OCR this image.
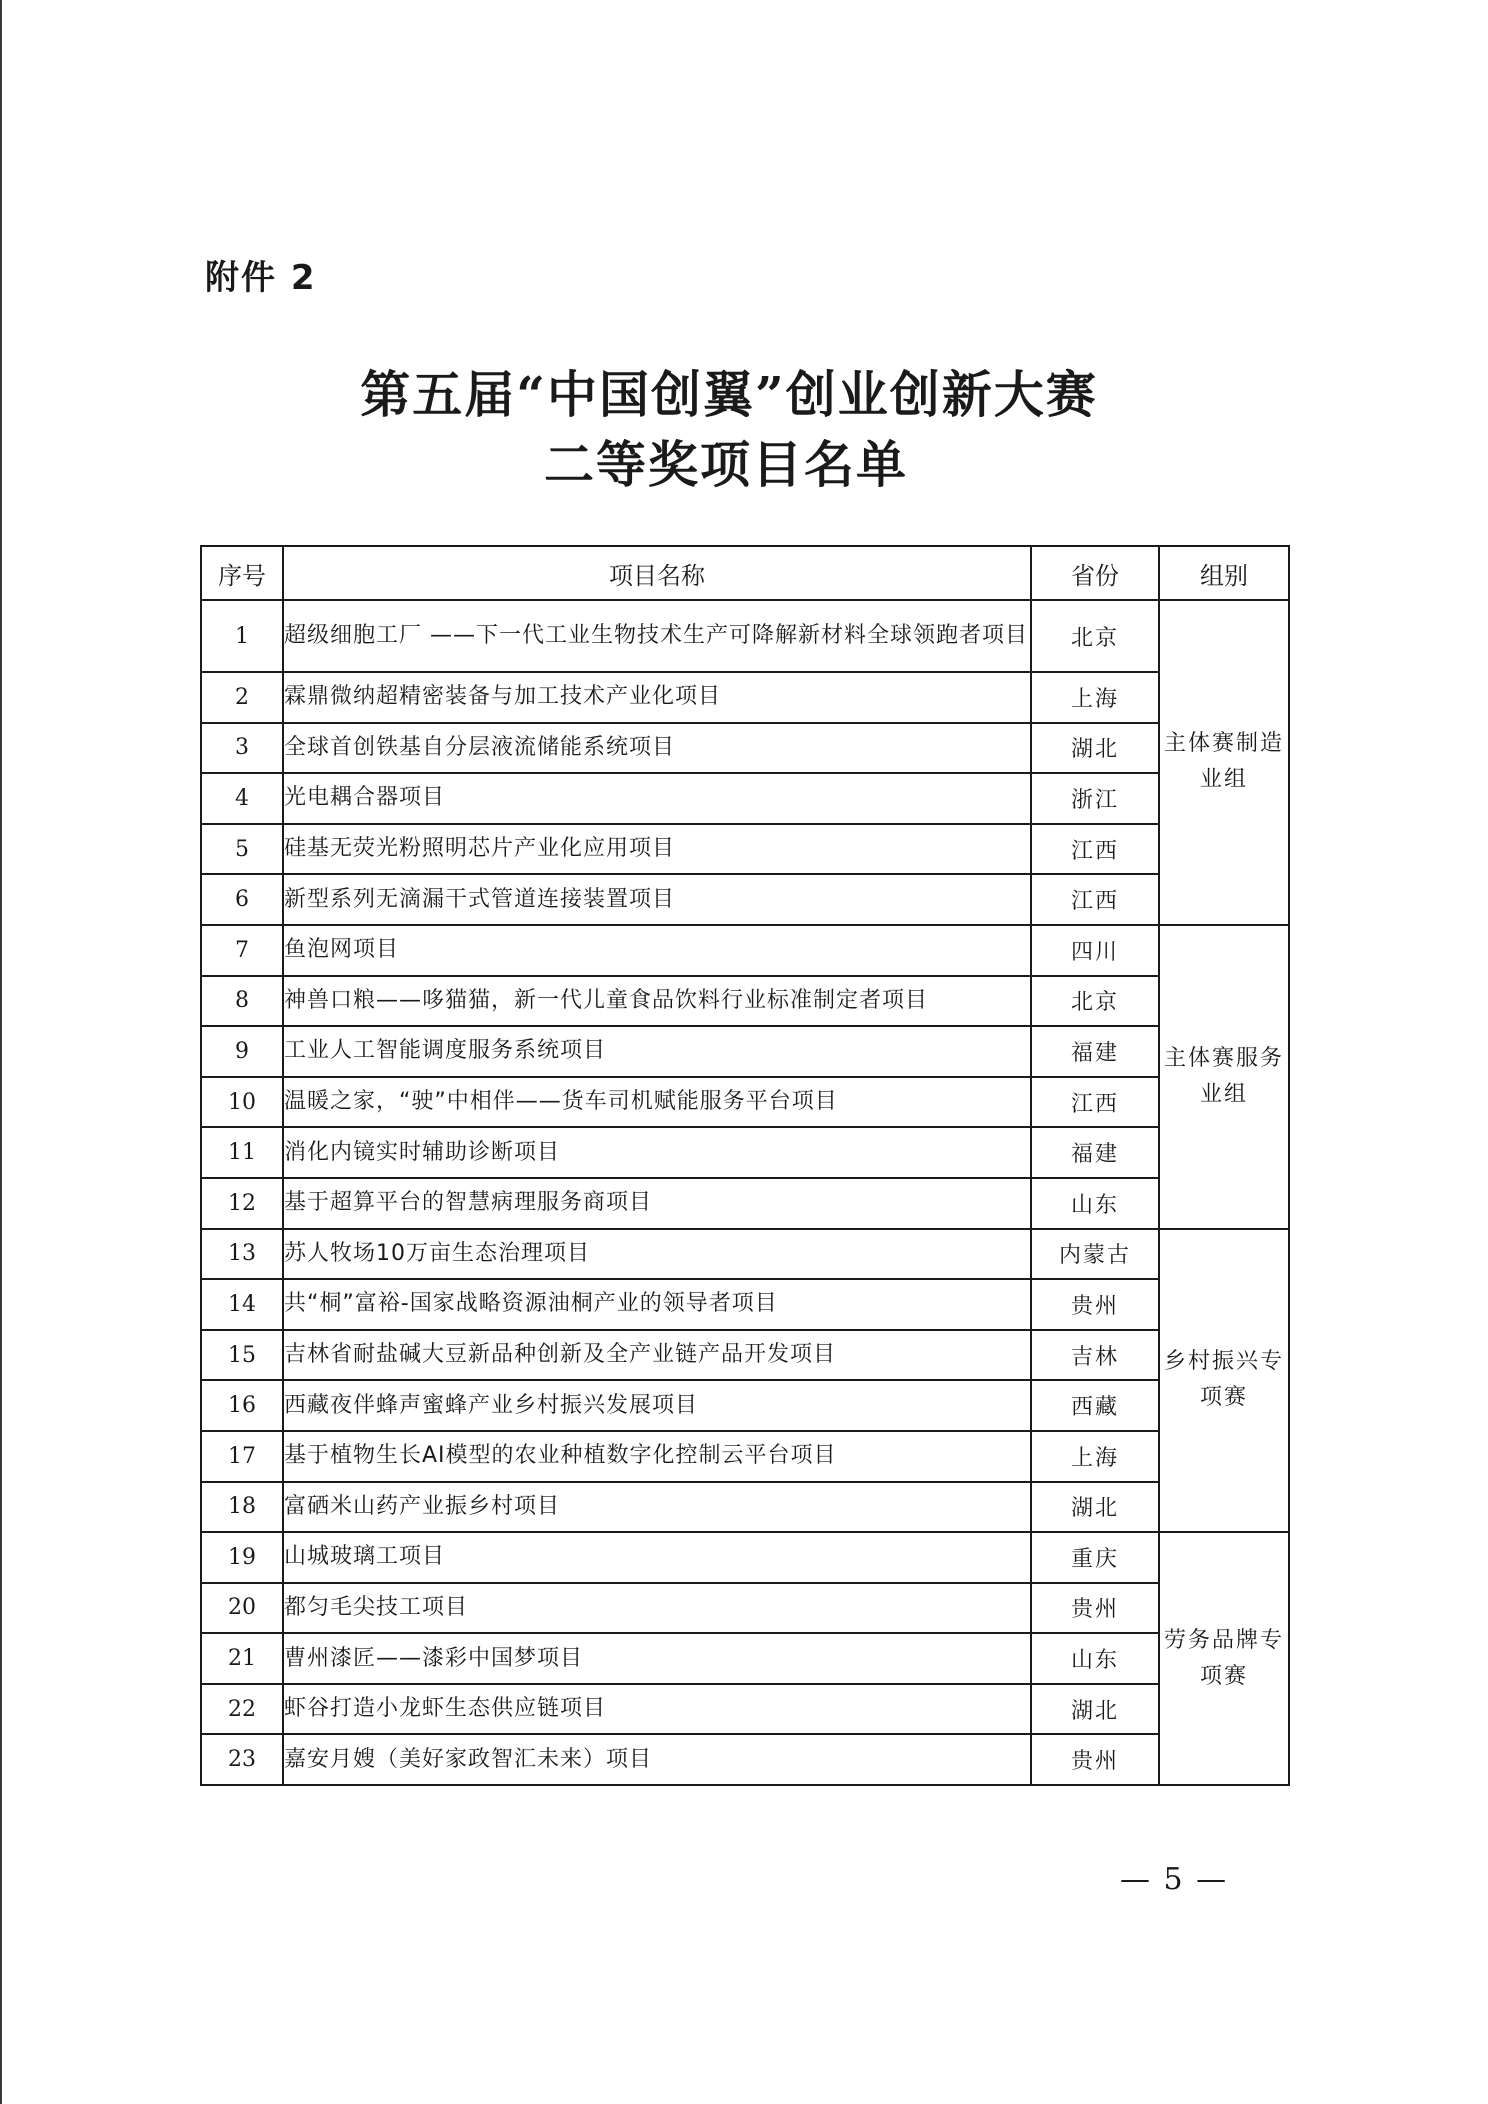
附件 2
第五届“中国创翼”创业创新大赛
二等奖项目名单
序号	项目名称	省份	组别
1	超级细胞工厂 ——下一代工业生物技术生产可降解新材料全球领跑者项目	北京	主体赛制造业组
2	霖鼎微纳超精密装备与加工技术产业化项目	上海	
3	全球首创铁基自分层液流储能系统项目	湖北	
4	光电耦合器项目	浙江	
5	硅基无荧光粉照明芯片产业化应用项目	江西	
6	新型系列无滴漏干式管道连接装置项目	江西	
7	鱼泡网项目	四川	主体赛服务业组
8	神兽口粮——哆猫猫，新一代儿童食品饮料行业标准制定者项目	北京	
9	工业人工智能调度服务系统项目	福建	
10	温暖之家，“驶”中相伴——货车司机赋能服务平台项目	江西	
11	消化内镜实时辅助诊断项目	福建	
12	基于超算平台的智慧病理服务商项目	山东	
13	苏人牧场10万亩生态治理项目	内蒙古	乡村振兴专项赛
14	共“桐”富裕-国家战略资源油桐产业的领导者项目	贵州	
15	吉林省耐盐碱大豆新品种创新及全产业链产品开发项目	吉林	
16	西藏夜伴蜂声蜜蜂产业乡村振兴发展项目	西藏	
17	基于植物生长AI模型的农业种植数字化控制云平台项目	上海	
18	富硒米山药产业振乡村项目	湖北	
19	山城玻璃工项目	重庆	劳务品牌专项赛
20	都匀毛尖技工项目	贵州	
21	曹州漆匠——漆彩中国梦项目	山东	
22	虾谷打造小龙虾生态供应链项目	湖北	
23	嘉安月嫂（美好家政智汇未来）项目	贵州	
— 5 —
